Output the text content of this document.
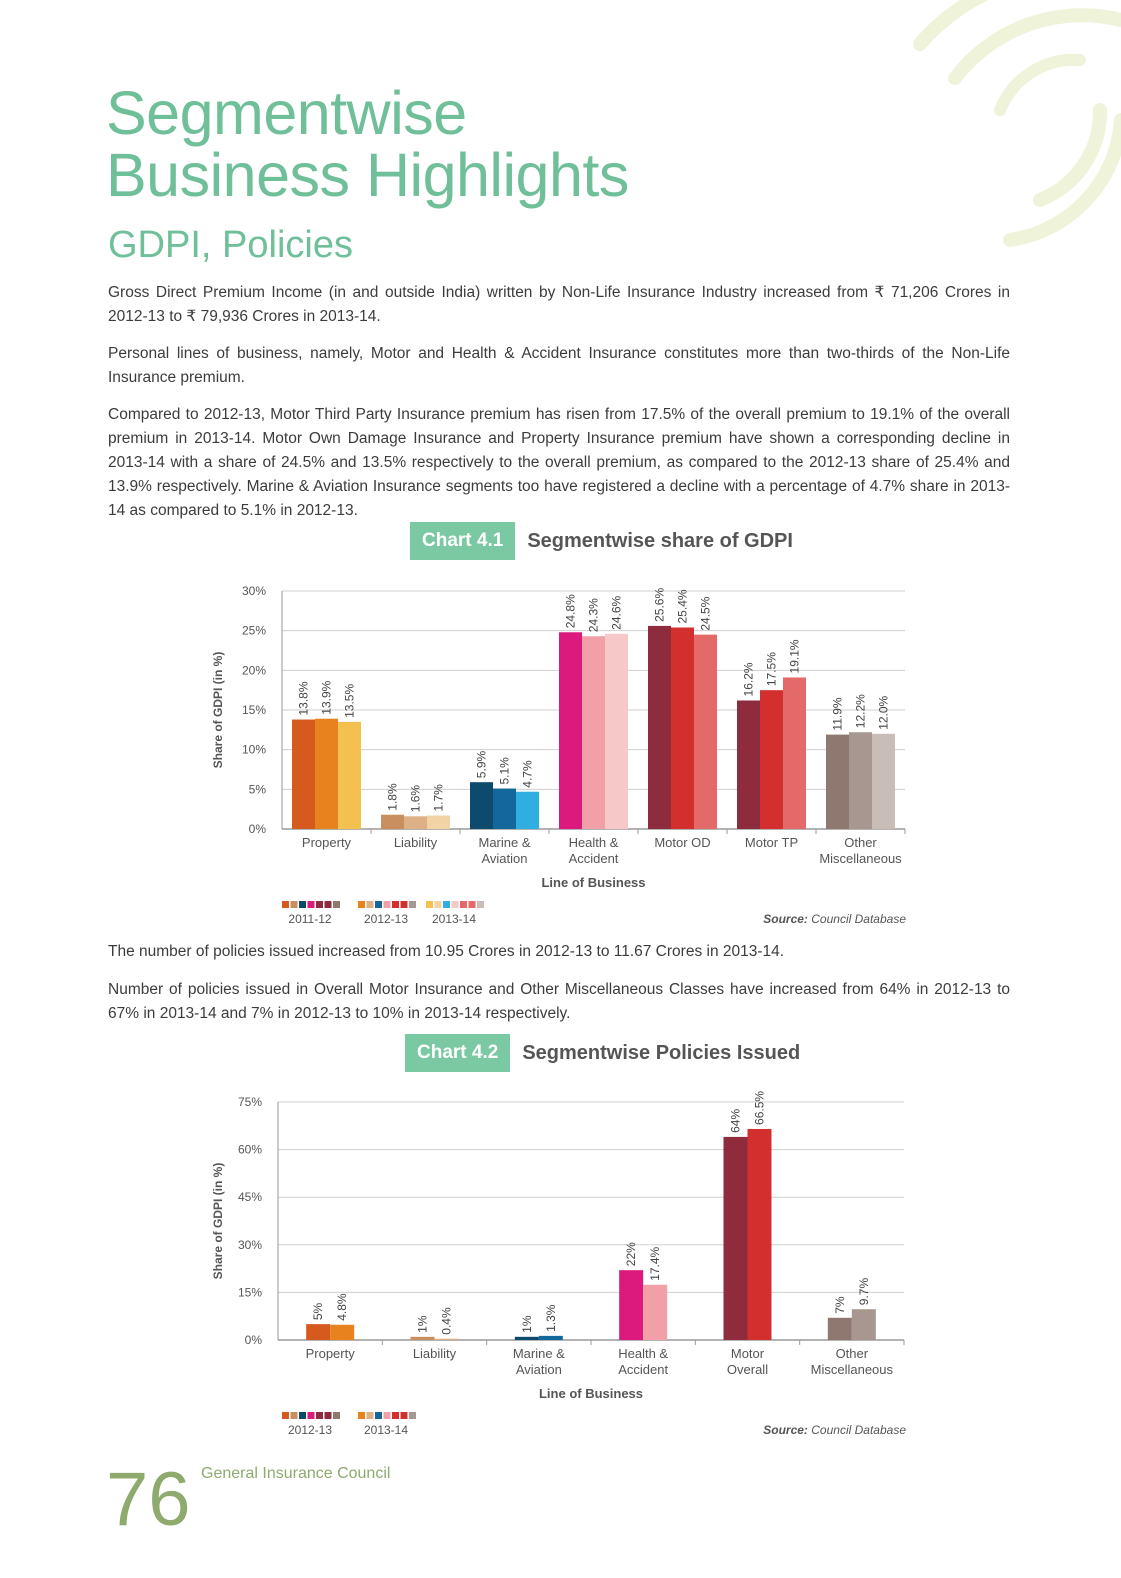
Segmentwise
Business Highlights
GDPI, Policies

Gross Direct Premium Income (in and outside India) written by Non-Life Insurance Industry increased from ₹ 71,206 Crores in 2012-13 to ₹ 79,936 Crores in 2013-14.

Personal lines of business, namely, Motor and Health & Accident Insurance constitutes more than two-thirds of the Non-Life Insurance premium.

Compared to 2012-13, Motor Third Party Insurance premium has risen from 17.5% of the overall premium to 19.1% of the overall premium in 2013-14. Motor Own Damage Insurance and Property Insurance premium have shown a corresponding decline in 2013-14 with a share of 24.5% and 13.5% respectively to the overall premium, as compared to the 2012-13 share of 25.4% and 13.9% respectively. Marine & Aviation Insurance segments too have registered a decline with a percentage of 4.7% share in 2013-14 as compared to 5.1% in 2012-13.

Chart 4.1	Segmentwise share of GDPI
0%
5%
10%
15%
20%
25%
30%
Share of GDPI (in %)	13.8% 13.9% 13.5%
Property
1.8% 1.6% 1.7%
Liability
5.9% 5.1% 4.7%
Marine &
Aviation
24.8% 24.3% 24.6%
Health &
Accident
25.6% 25.4% 24.5%
Motor OD
16.2% 17.5% 19.1%
Motor TP
11.9% 12.2% 12.0%
Other
Miscellaneous
Line of Business
2011-12	2012-13 2013-14	Source: Council Database

The number of policies issued increased from 10.95 Crores in 2012-13 to 11.67 Crores in 2013-14.

Number of policies issued in Overall Motor Insurance and Other Miscellaneous Classes have increased from 64% in 2012-13 to 67% in 2013-14 and 7% in 2012-13 to 10% in 2013-14 respectively.

Chart 4.2	Segmentwise Policies Issued
0%
15%
30%
45%
60%
75%
Share of GDPI (in %)
5% 4.8%
Property
1% 0.4%
Liability
1% 1.3%
Marine &
Aviation
22% 17.4%
Health &
Accident
64% 66.5%
Motor
Overall
7% 9.7%
Other
Miscellaneous
Line of Business
2012-13	2013-14	Source: Council Database
76 General Insurance Council
